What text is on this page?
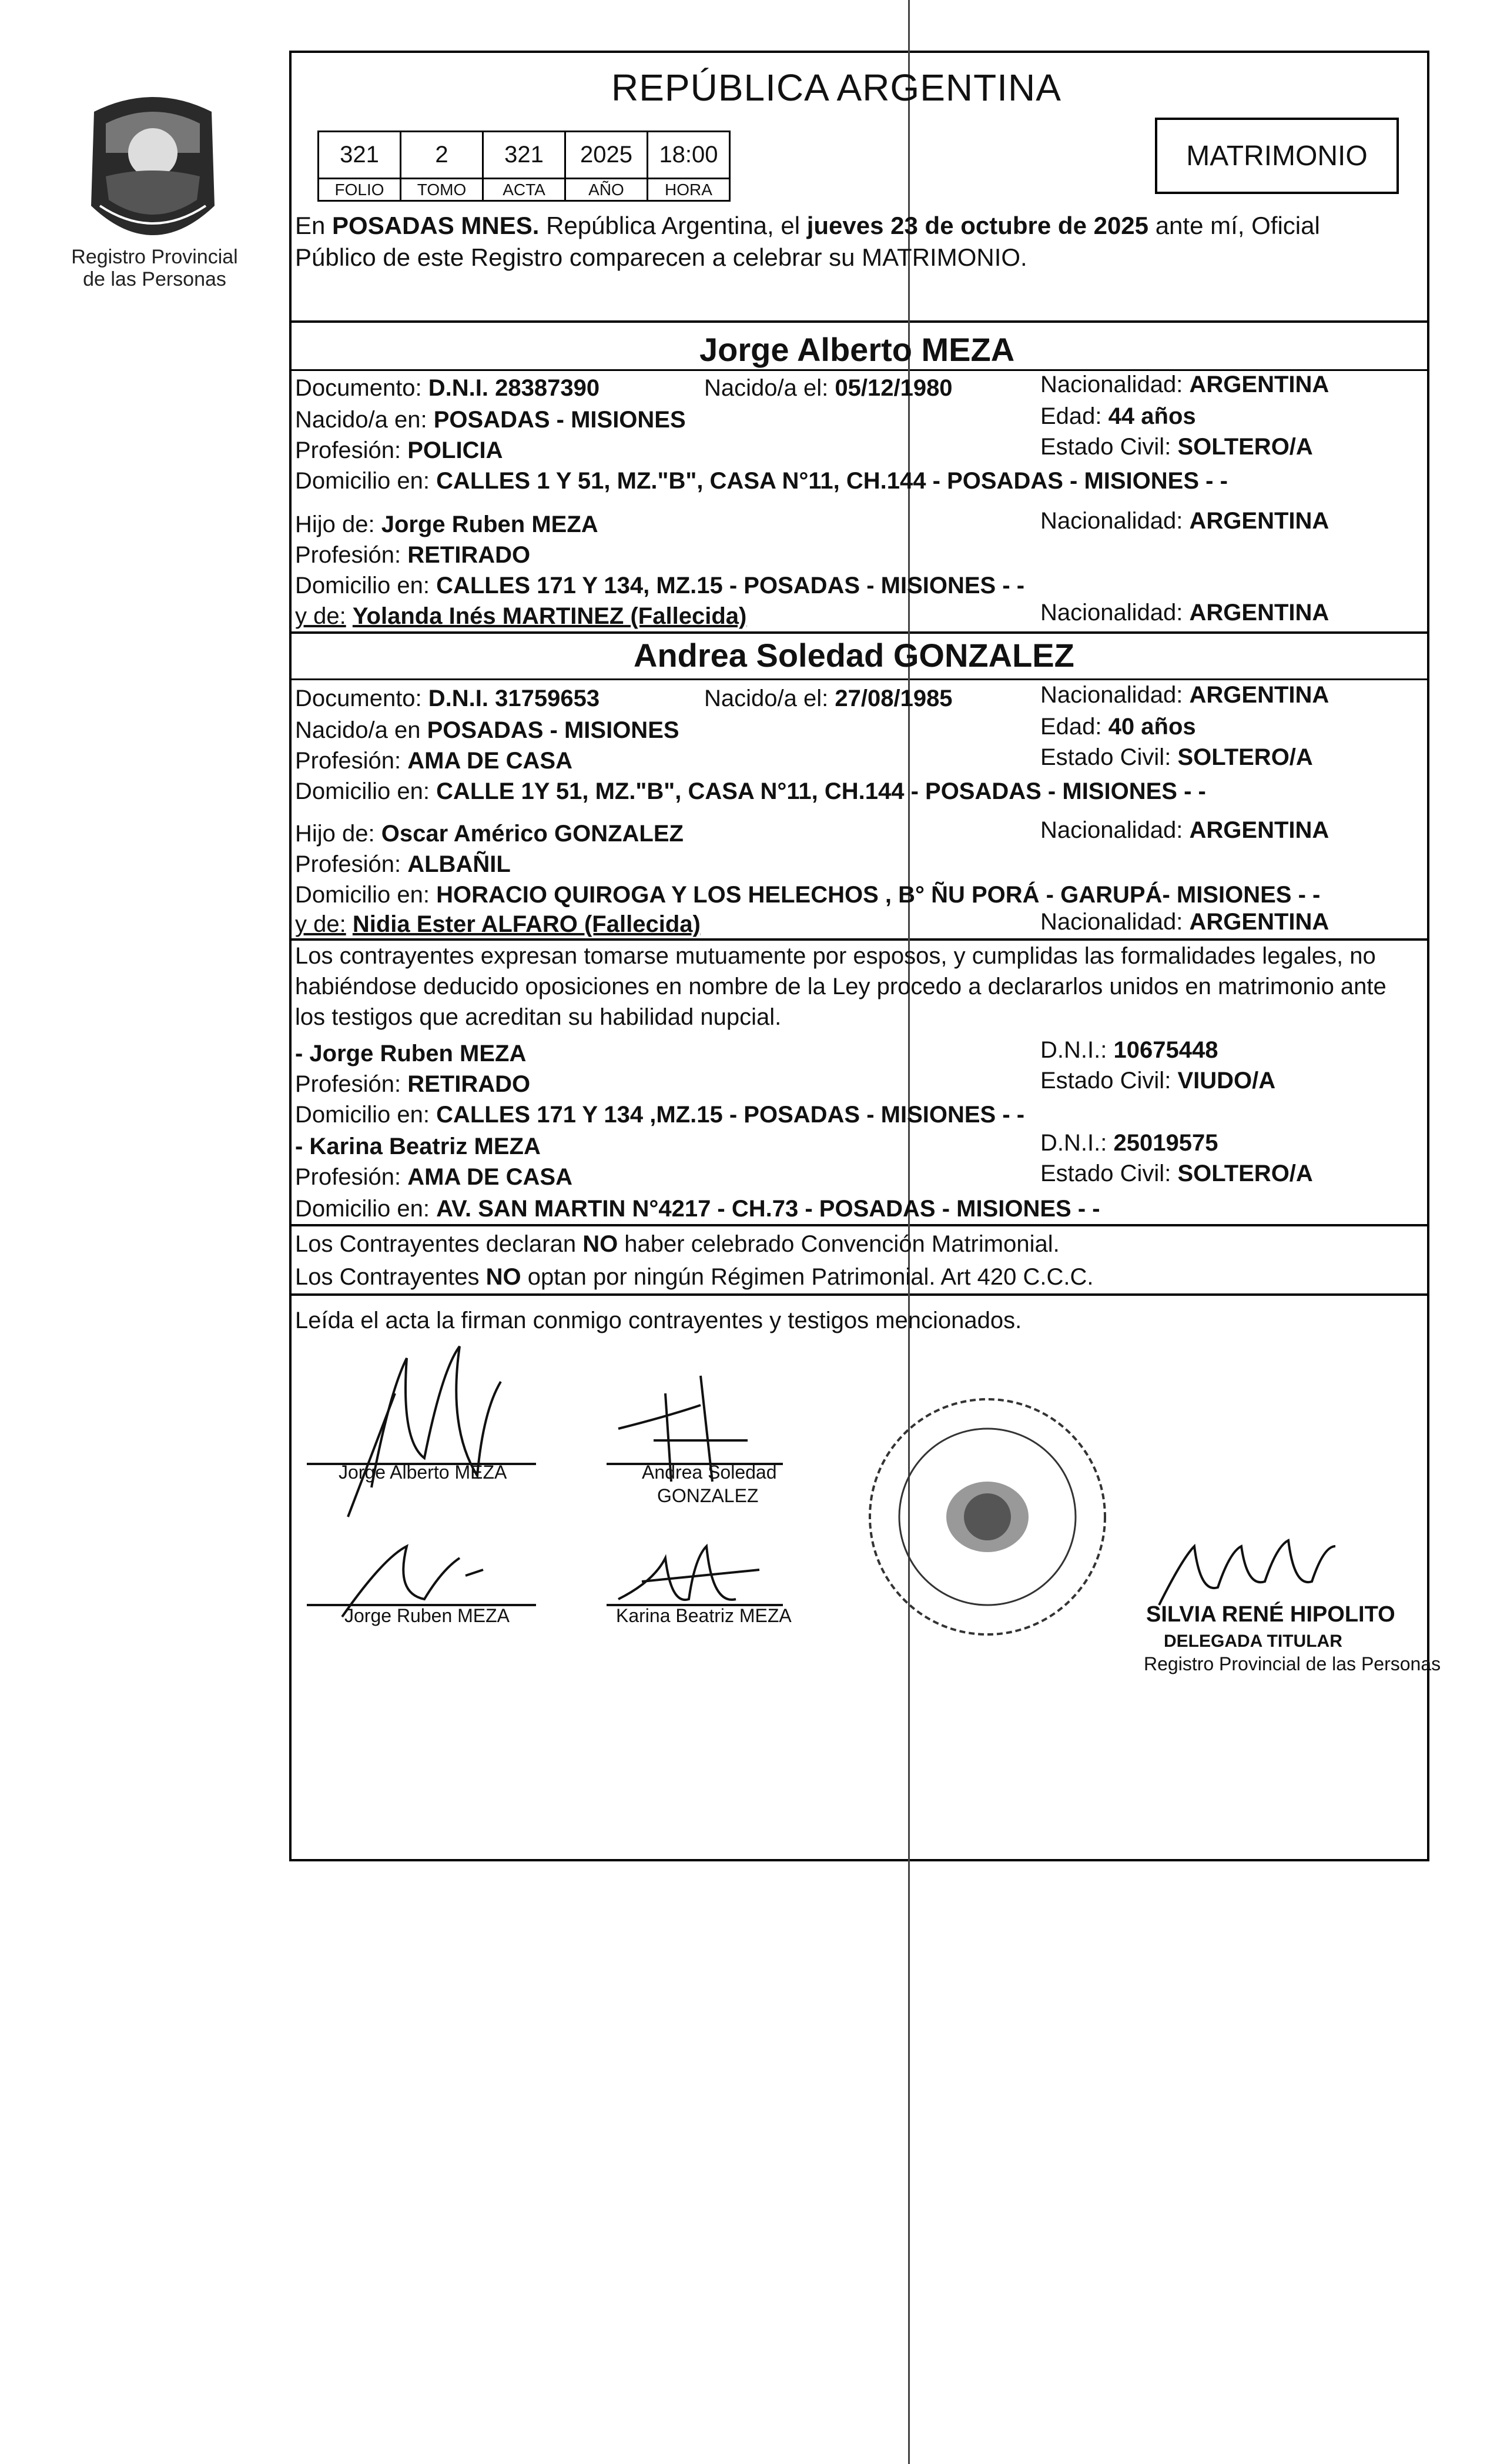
Registro Provincial
de las Personas
REPÚBLICA ARGENTINA
321	2	321	2025	18:00
FOLIO	TOMO	ACTA	AÑO	HORA
MATRIMONIO
En POSADAS MNES. República Argentina, el jueves 23 de octubre de 2025 ante mí, Oficial
Público de este Registro comparecen a celebrar su MATRIMONIO.
Jorge Alberto MEZA
Documento: D.N.I. 28387390	Nacido/a el: 05/12/1980	Nacionalidad: ARGENTINA
Nacido/a en: POSADAS - MISIONES	Edad: 44 años
Profesión: POLICIA	Estado Civil: SOLTERO/A
Domicilio en: CALLES 1 Y 51, MZ."B", CASA N°11, CH.144 - POSADAS - MISIONES - -
Hijo de: Jorge Ruben MEZA	Nacionalidad: ARGENTINA
Profesión: RETIRADO
Domicilio en: CALLES 171 Y 134, MZ.15 - POSADAS - MISIONES - -
y de: Yolanda Inés MARTINEZ (Fallecida)	Nacionalidad: ARGENTINA
Andrea Soledad GONZALEZ
Documento: D.N.I. 31759653	Nacido/a el: 27/08/1985	Nacionalidad: ARGENTINA
Nacido/a en POSADAS - MISIONES	Edad: 40 años
Profesión: AMA DE CASA	Estado Civil: SOLTERO/A
Domicilio en: CALLE 1Y 51, MZ."B", CASA N°11, CH.144 - POSADAS - MISIONES - -
Hijo de: Oscar Américo GONZALEZ	Nacionalidad: ARGENTINA
Profesión: ALBAÑIL
Domicilio en: HORACIO QUIROGA Y LOS HELECHOS , B° ÑU PORÁ - GARUPÁ- MISIONES - -
y de: Nidia Ester ALFARO (Fallecida)	Nacionalidad: ARGENTINA
Los contrayentes expresan tomarse mutuamente por esposos, y cumplidas las formalidades legales, no
habiéndose deducido oposiciones en nombre de la Ley procedo a declararlos unidos en matrimonio ante
los testigos que acreditan su habilidad nupcial.
- Jorge Ruben MEZA	D.N.I.: 10675448
Profesión: RETIRADO	Estado Civil: VIUDO/A
Domicilio en: CALLES 171 Y 134 ,MZ.15 - POSADAS - MISIONES - -
- Karina Beatriz MEZA	D.N.I.: 25019575
Profesión: AMA DE CASA	Estado Civil: SOLTERO/A
Domicilio en: AV. SAN MARTIN N°4217 - CH.73 - POSADAS - MISIONES - -
Los Contrayentes declaran NO haber celebrado Convención Matrimonial.
Los Contrayentes NO optan por ningún Régimen Patrimonial. Art 420 C.C.C.
Leída el acta la firman conmigo contrayentes y testigos mencionados.
Jorge Alberto MEZA	Andrea Soledad
GONZALEZ
Jorge Ruben MEZA	Karina Beatriz MEZA	SILVIA RENÉ HIPOLITO
DELEGADA TITULAR
Registro Provincial de las Personas
